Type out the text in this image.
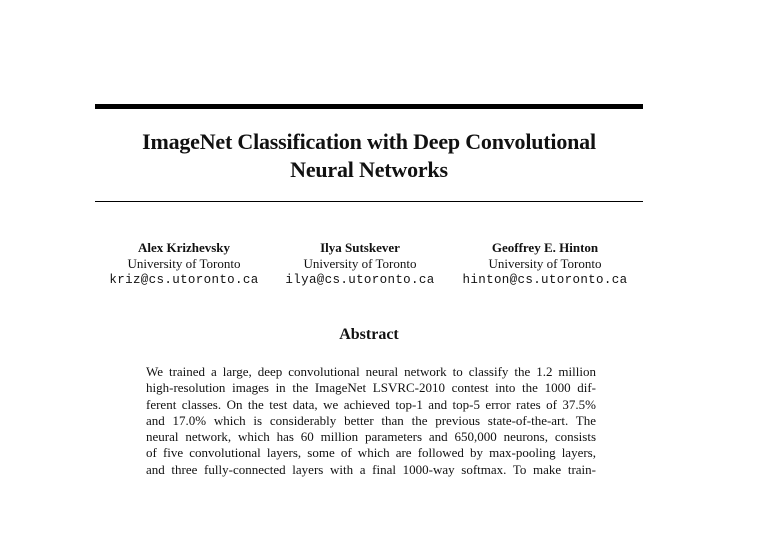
ImageNet Classification with Deep Convolutional
Neural Networks
Alex Krizhevsky
University of Toronto
kriz@cs.utoronto.ca
Ilya Sutskever
University of Toronto
ilya@cs.utoronto.ca
Geoffrey E. Hinton
University of Toronto
hinton@cs.utoronto.ca
Abstract
We trained a large, deep convolutional neural network to classify the 1.2 million
high-resolution images in the ImageNet LSVRC-2010 contest into the 1000 dif-
ferent classes. On the test data, we achieved top-1 and top-5 error rates of 37.5%
and 17.0% which is considerably better than the previous state-of-the-art. The
neural network, which has 60 million parameters and 650,000 neurons, consists
of five convolutional layers, some of which are followed by max-pooling layers,
and three fully-connected layers with a final 1000-way softmax. To make train-
